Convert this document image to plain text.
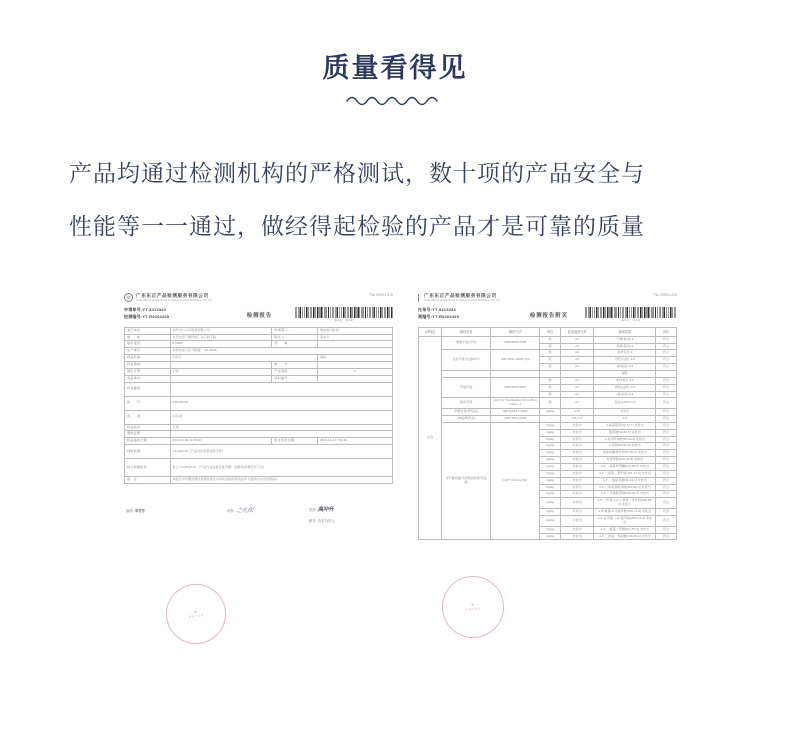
质量看得见
产品均通过检测机构的严格测试，数十项的产品安全与
性能等一一通过，做经得起检验的产品才是可靠的质量
广东东正产品检测服务有限公司
Guangdong Dongzheng Product Testing Services Co.,Ltd.
TW-29004 A/5
申请单号:YT-9413343
检测编号:YT-R9204445	检测报告
第1页，共3页
委托单位:	东莞市公认机集团有限公司	申请部门:	纸质类污染剂
地　　址:	东莞市虎门镇怀德工业区新下路	联系人:	高永升
联系电话:	679663	传　　真:	
生产单位:	东莞市虎门宏升制箱厂 MT-6005		
样品名称:	印花片		商标:
样品规格:		批　　号:	
颜色花型:	白色	产品等级:	1
收货单位:		原料编号:	
样品描述:			
批　　号:	R20191100		
用　　途:	印花视		
样品状态:	正常		
明细说明:			
样品接收日期:	2019-11-30 11:30:00	报告签发日期:	2019-12-3 17:31:29
判断依据:	YS-20(4-5)《产品内在质量标准手册》		
综合检测结论	符合 YS-2019-13 《产品内在质量标准手册》的要求(结果详见下页)		
备　注	本报告中所测试项目检测结果仅对本次送检的样品条件下适用(仅认可的指标)。		
编制: 李芳芳	审核: 之礼保	批准: 高冲升
职务: 技术负责人
★
检测专用章
广东东正产品检测服务有限公司
Guangdong Dongzheng Product Testing Services Co.,Ltd.
TW-29004 A/5
托单号:YT-9413343
测编号:YT-R9204445	检测报告附页
第2页，共3页
(/颜色)	测试项目	测试方法	单位	标准值及允许	测试结果	评价
白色	摩擦牢度(针织)	GB/T3920-2008	级	≥4	干摩(直向) 4	符合
			级	≥3	湿摩(直向) 3	符合
	水洗牢度(水温60℃)	GB/T3921-2008 (C)3	级	≥4	原样变化 4	符合
			级	≥4	(涤纶)沾色 4-5	符合
			级	≥4	(棉)沾色 4-5	符合
					碱性	
	汗渍牢度	GB/T3922-2013	级	≥4	原样变化 4-5	符合
			级	≥4	(涤纶)沾色 4-5	符合
			级	≥4	(棉)沾色 4-4	符合
	耐光牢度	AATCC Test Method 16.3-2014 Option 3	级	≥3	变色(AATCC) 3	符合
	甲醛含量(附织品)	GB/T2912.1-2009	mg/kg	≤75	未检出	符合
	pH值(附织品)	GB/T7573-2009	--	5.0~7.5	6.2	符合
	可分解致癌芳香胺染料(附织品类)	FZ/T 01133-2016	mg/kg	未检出	4-氨基联苯[92-67-1] 未检出	符合
			mg/kg	未检出	联苯胺[92-87-5] 未检出	符合
			mg/kg	未检出	4-氯邻甲苯胺[95-69-2] 未检出	符合
			mg/kg	未检出	2-萘胺[91-59-8] 未检出	符合
			mg/kg	未检出	邻氨基偶氮甲苯[97-56-3] 未检出	符合
			mg/kg	未检出	对氯苯胺[106-47-8] 未检出	符合
			mg/kg	未检出	2,4-二氨基苯甲醚[615-05-4] 未检出	符合
			mg/kg	未检出	4,4'-二氨基二苯甲烷[101-77-9] 未检出	符合
			mg/kg	未检出	3,3'-二氯联苯胺[91-94-1] 未检出	符合
			mg/kg	未检出	3,3'-二甲氧基联苯胺[119-90-4] 未检出	符合
			mg/kg	未检出	3,3'-二甲基联苯胺[119-93-7] 未检出	符合
			mg/kg	未检出	3,3'-二甲基-4,4'-二氨基二苯甲烷[838-88-0] 未检出	符合
			mg/kg	未检出	2-甲氧基-5-甲基苯胺[120-71-8] 未检出	符合
			mg/kg	未检出	4,4'-亚甲基-二(2-氯苯胺)[101-14-4] 未检出	符合
			mg/kg	未检出	4,4'-二氨基二苯醚[101-80-4] 未检出	符合
			mg/kg	未检出	4,4'-二氨基二苯硫醚[139-65-1] 未检出	符合
★
检测专用章
